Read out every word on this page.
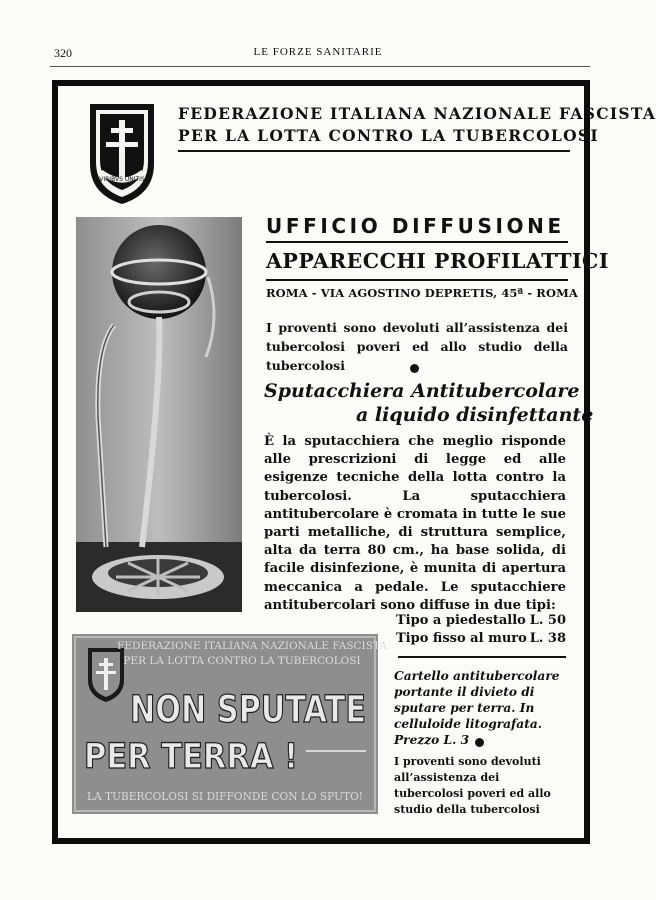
320	LE FORZE SANITARIE
VIRIBVS UNITIS
FEDERAZIONE ITALIANA NAZIONALE FASCISTA
PER LA LOTTA CONTRO LA TUBERCOLOSI
UFFICIO DIFFUSIONE
APPARECCHI PROFILATTICI
ROMA - VIA AGOSTINO DEPRETIS, 45ª - ROMA
I proventi sono devoluti all’assistenza dei tubercolosi poveri ed allo studio della tubercolosi
Sputacchiera Antitubercolare
a liquido disinfettante
È la sputacchiera che meglio risponde alle prescrizioni di legge ed alle esigenze tecniche della lotta contro la tubercolosi. La sputacchiera antitubercolare è cromata in tutte le sue parti metalliche, di struttura semplice, alta da terra 80 cm., ha base solida, di facile disinfezione, è munita di apertura meccanica a pedale. Le sputacchiere antitubercolari sono diffuse in due tipi:
Tipo a piedestallo L. 50
Tipo fisso al muro L. 38
Cartello antitubercolare portante il divieto di sputare per terra. In celluloide litografata. Prezzo L. 3
I proventi sono devoluti all’assistenza dei tubercolosi poveri ed allo studio della tubercolosi
FEDERAZIONE ITALIANA NAZIONALE FASCISTA
PER LA LOTTA CONTRO LA TUBERCOLOSI
NON SPUTATE
PER TERRA !
LA TUBERCOLOSI SI DIFFONDE CON LO SPUTO!
